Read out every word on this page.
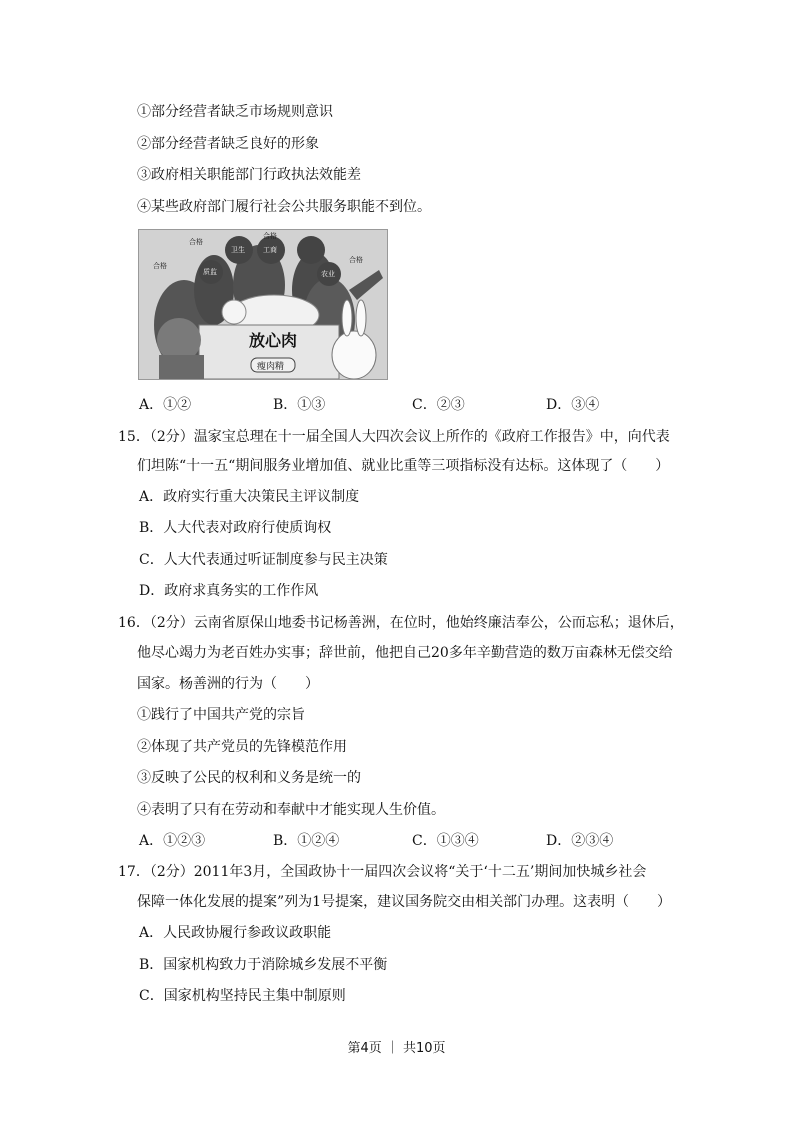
①部分经营者缺乏市场规则意识
②部分经营者缺乏良好的形象
③政府相关职能部门行政执法效能差
④某些政府部门履行社会公共服务职能不到位。
合格
卫生
合格
质监
合格
合格
工商
农业
放心肉
瘦肉精
A．①②	B．①③	C．②③	D．③④
15．（2分）温家宝总理在十一届全国人大四次会议上所作的《政府工作报告》中，向代表
们坦陈“十一五“期间服务业增加值、就业比重等三项指标没有达标。这体现了（　　）
A．政府实行重大决策民主评议制度
B．人大代表对政府行使质询权
C．人大代表通过听证制度参与民主决策
D．政府求真务实的工作作风
16．（2分）云南省原保山地委书记杨善洲，在位时，他始终廉洁奉公，公而忘私；退休后，
他尽心竭力为老百姓办实事；辞世前，他把自己20多年辛勤营造的数万亩森林无偿交给
国家。杨善洲的行为（　　）
①践行了中国共产党的宗旨
②体现了共产党员的先锋模范作用
③反映了公民的权利和义务是统一的
④表明了只有在劳动和奉献中才能实现人生价值。
A．①②③	B．①②④	C．①③④	D．②③④
17．（2分）2011年3月，全国政协十一届四次会议将“关于‘十二五’期间加快城乡社会
保障一体化发展的提案”列为1号提案，建议国务院交由相关部门办理。这表明（　　）
A．人民政协履行参政议政职能
B．国家机构致力于消除城乡发展不平衡
C．国家机构坚持民主集中制原则
第4页 ｜ 共10页
